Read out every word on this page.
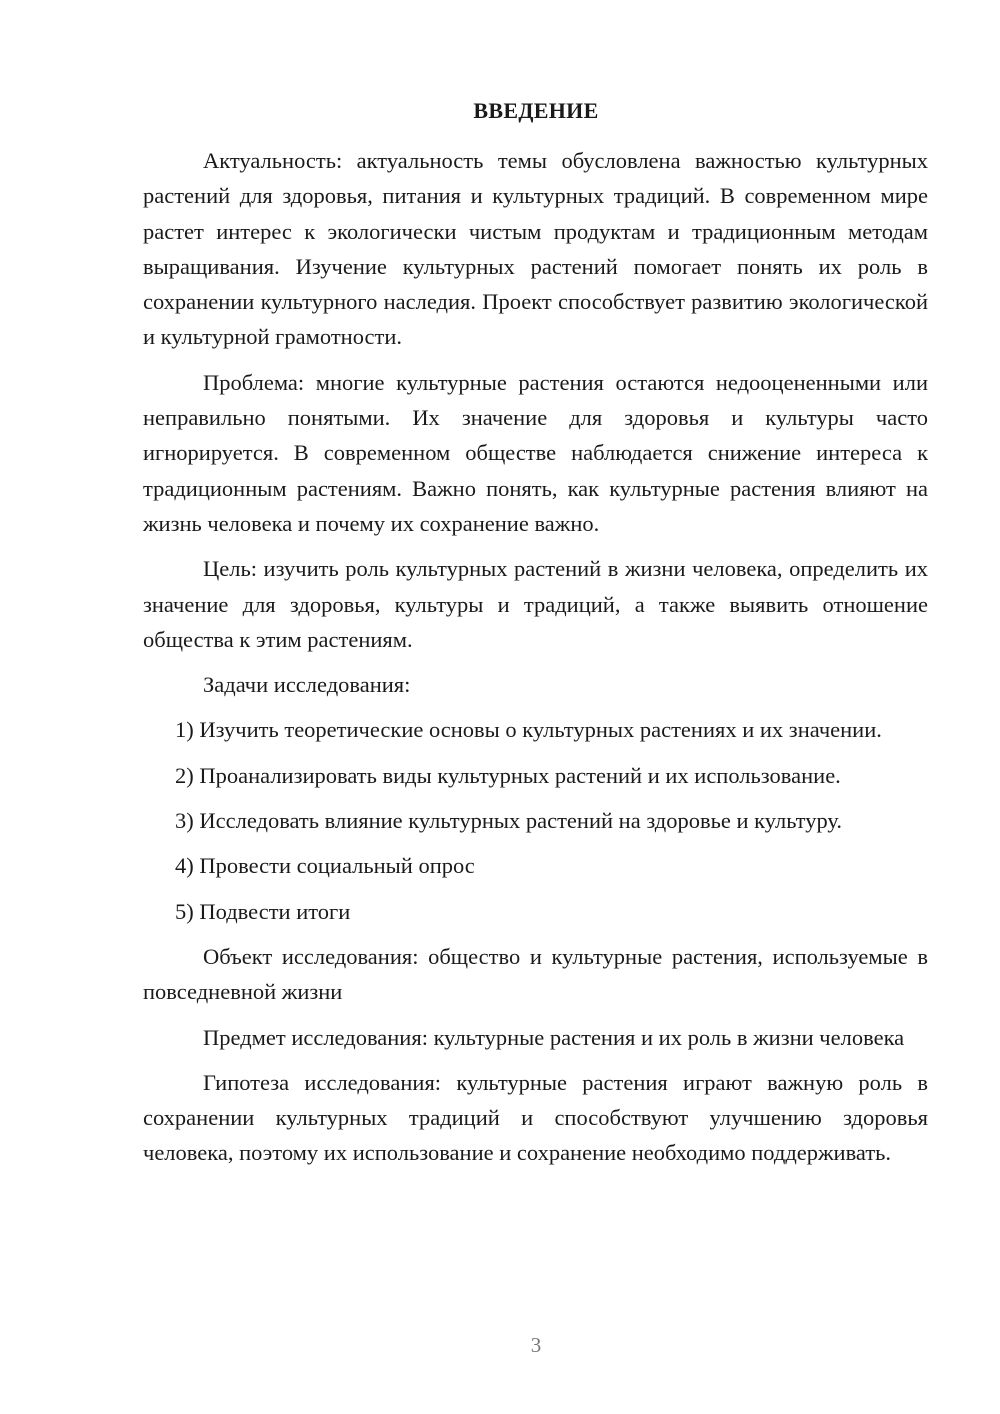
ВВЕДЕНИЕ

Актуальность: актуальность темы обусловлена важностью культурных растений для здоровья, питания и культурных традиций. В современном мире растет интерес к экологически чистым продуктам и традиционным методам выращивания. Изучение культурных растений помогает понять их роль в сохранении культурного наследия. Проект способствует развитию экологической и культурной грамотности.

Проблема: многие культурные растения остаются недооцененными или неправильно понятыми. Их значение для здоровья и культуры часто игнорируется. В современном обществе наблюдается снижение интереса к традиционным растениям. Важно понять, как культурные растения влияют на жизнь человека и почему их сохранение важно.

Цель: изучить роль культурных растений в жизни человека, определить их значение для здоровья, культуры и традиций, а также выявить отношение общества к этим растениям.

Задачи исследования:

1) Изучить теоретические основы о культурных растениях и их значении.

2) Проанализировать виды культурных растений и их использование.

3) Исследовать влияние культурных растений на здоровье и культуру.

4) Провести социальный опрос

5) Подвести итоги

Объект исследования: общество и культурные растения, используемые в повседневной жизни

Предмет исследования: культурные растения и их роль в жизни человека

Гипотеза исследования: культурные растения играют важную роль в сохранении культурных традиций и способствуют улучшению здоровья человека, поэтому их использование и сохранение необходимо поддерживать.

3
